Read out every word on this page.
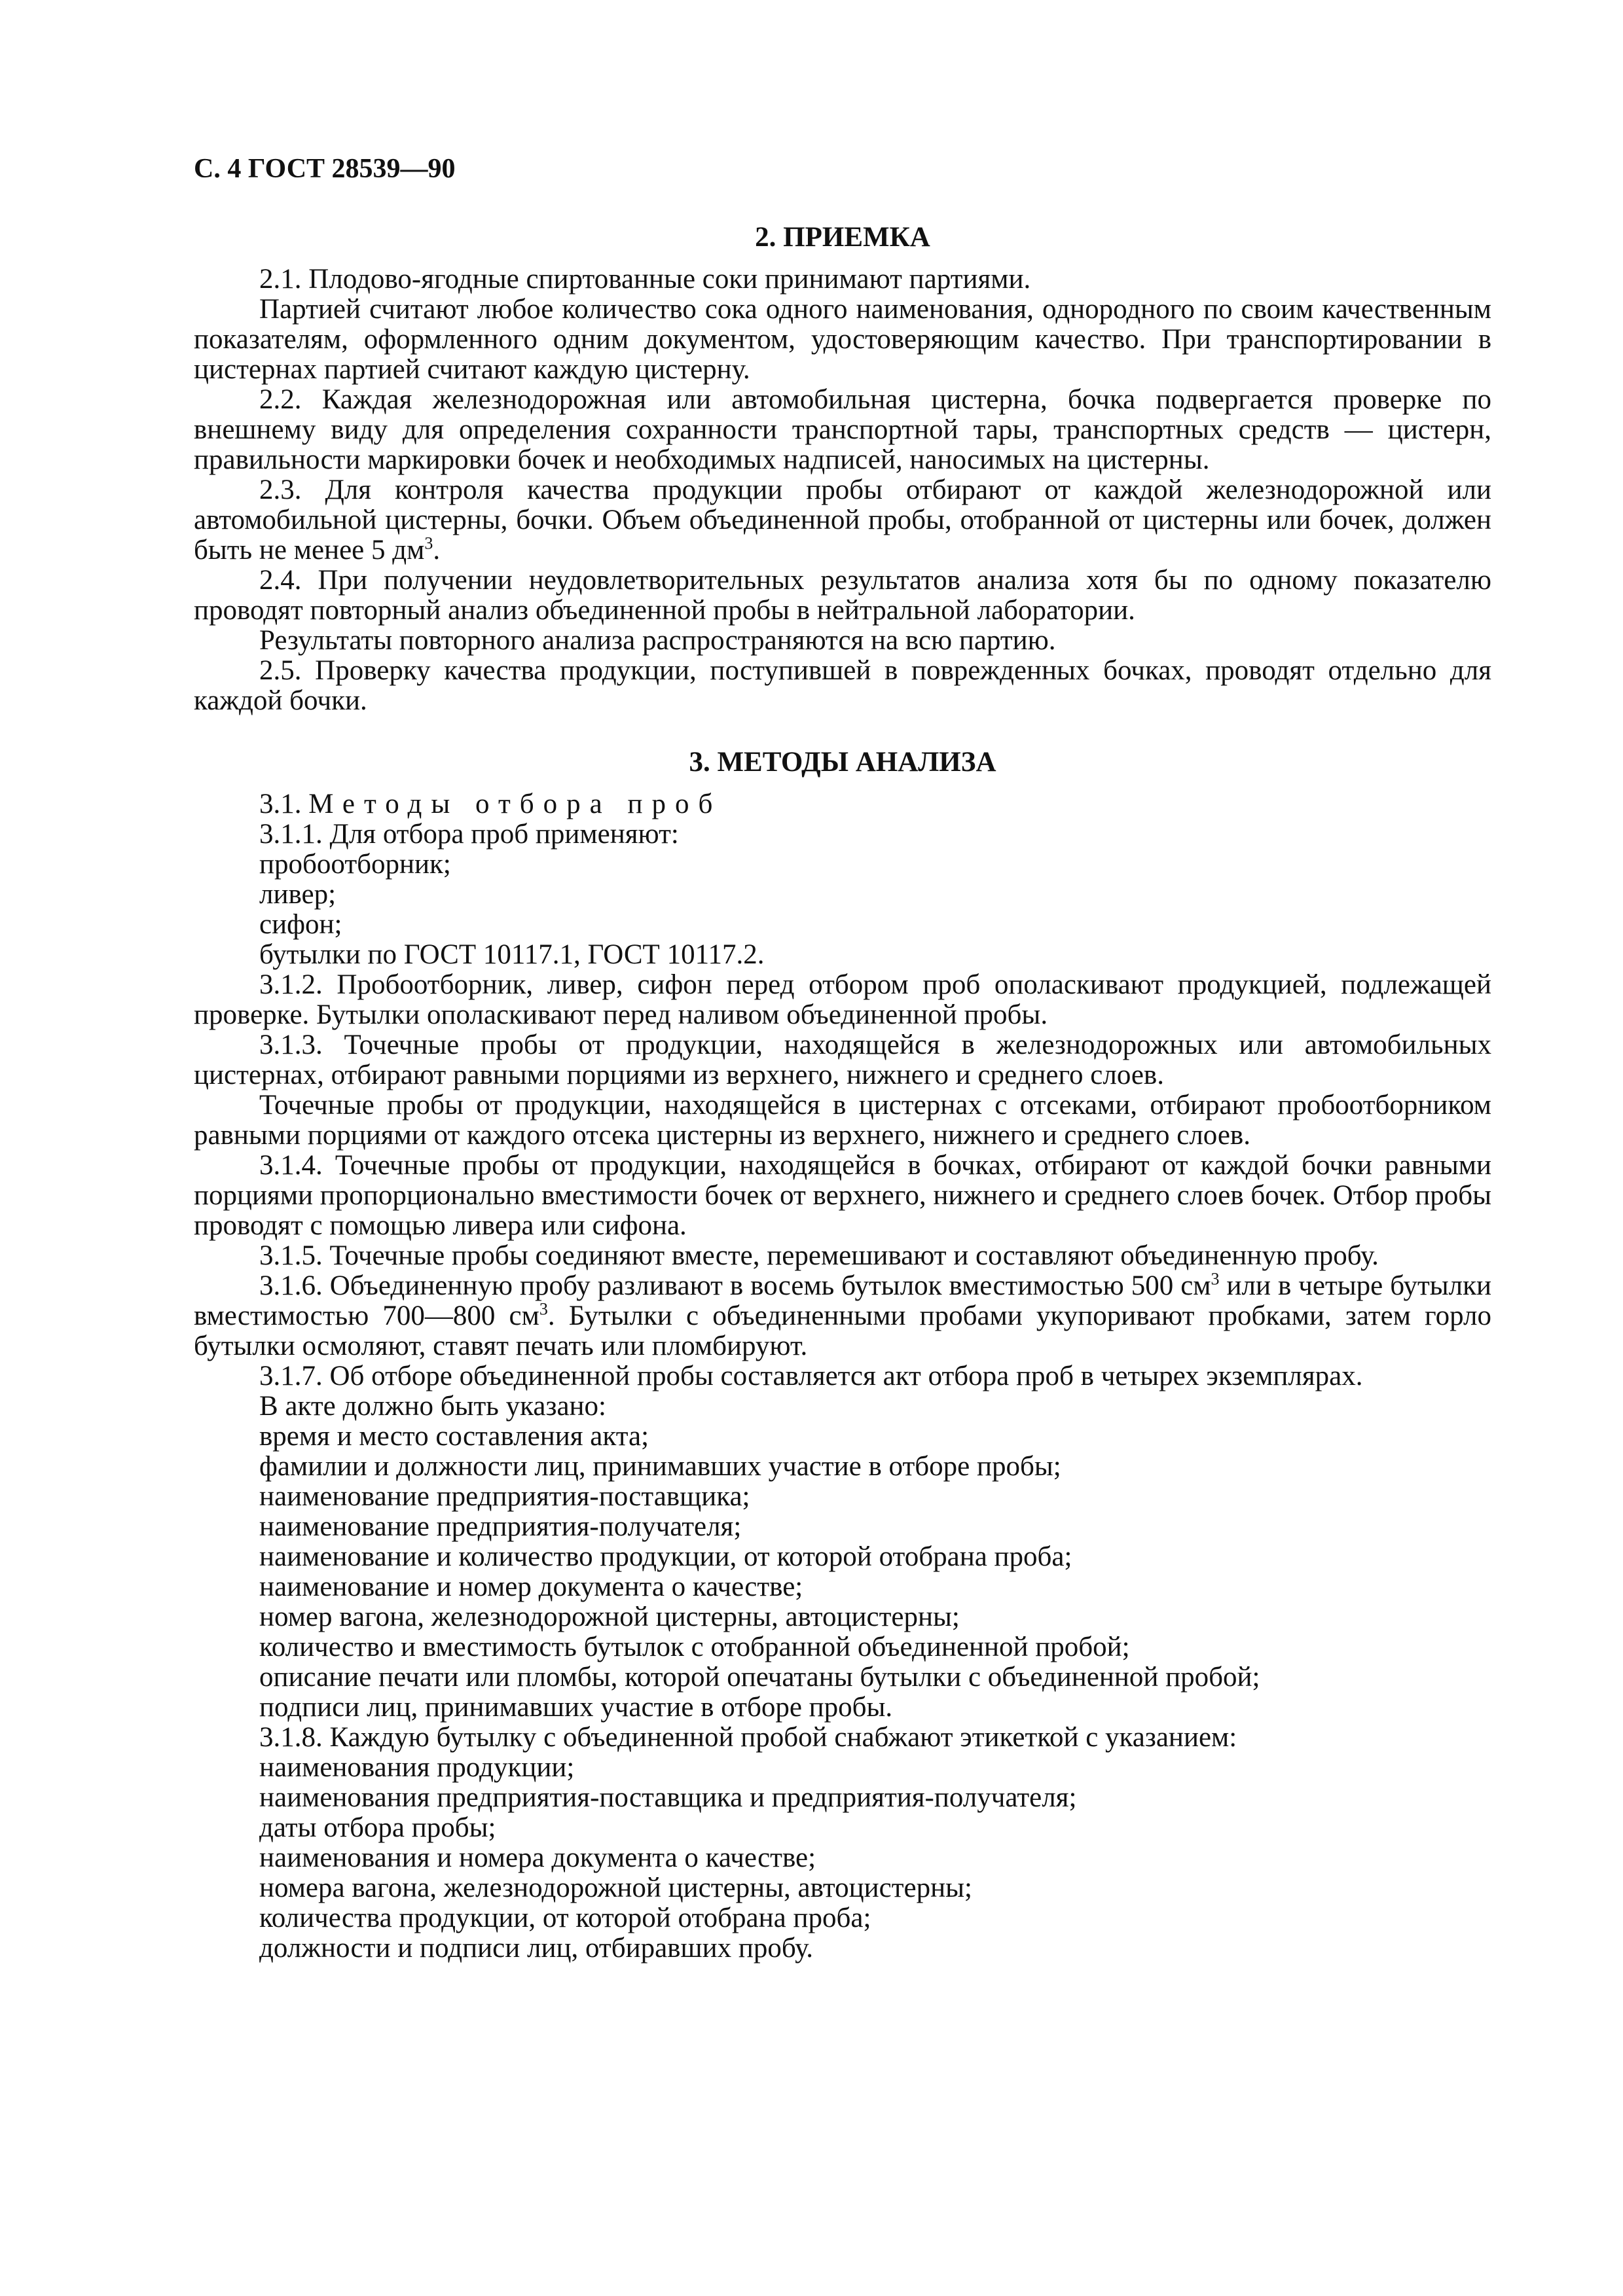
С. 4 ГОСТ 28539—90
2. ПРИЕМКА

2.1. Плодово-ягодные спиртованные соки принимают партиями.

Партией считают любое количество сока одного наименования, однородного по своим качественным показателям, оформленного одним документом, удостоверяющим качество. При транспортировании в цистернах партией считают каждую цистерну.

2.2. Каждая железнодорожная или автомобильная цистерна, бочка подвергается проверке по внешнему виду для определения сохранности транспортной тары, транспортных средств — цистерн, правильности маркировки бочек и необходимых надписей, наносимых на цистерны.

2.3. Для контроля качества продукции пробы отбирают от каждой железнодорожной или автомобильной цистерны, бочки. Объем объединенной пробы, отобранной от цистерны или бочек, должен быть не менее 5 $дм^3$.

2.4. При получении неудовлетворительных результатов анализа хотя бы по одному показателю проводят повторный анализ объединенной пробы в нейтральной лаборатории.

Результаты повторного анализа распространяются на всю партию.

2.5. Проверку качества продукции, поступившей в поврежденных бочках, проводят отдельно для каждой бочки.

3. МЕТОДЫ АНАЛИЗА

3.1. Методы отбора проб

3.1.1. Для отбора проб применяют:

пробоотборник;

ливер;

сифон;

бутылки по ГОСТ 10117.1, ГОСТ 10117.2.

3.1.2. Пробоотборник, ливер, сифон перед отбором проб ополаскивают продукцией, подлежащей проверке. Бутылки ополаскивают перед наливом объединенной пробы.

3.1.3. Точечные пробы от продукции, находящейся в железнодорожных или автомобильных цистернах, отбирают равными порциями из верхнего, нижнего и среднего слоев.

Точечные пробы от продукции, находящейся в цистернах с отсеками, отбирают пробоотборником равными порциями от каждого отсека цистерны из верхнего, нижнего и среднего слоев.

3.1.4. Точечные пробы от продукции, находящейся в бочках, отбирают от каждой бочки равными порциями пропорционально вместимости бочек от верхнего, нижнего и среднего слоев бочек. Отбор пробы проводят с помощью ливера или сифона.

3.1.5. Точечные пробы соединяют вместе, перемешивают и составляют объединенную пробу.

3.1.6. Объединенную пробу разливают в восемь бутылок вместимостью 500 $см^3$ или в четыре бутылки вместимостью 700—800 $см^3$. Бутылки с объединенными пробами укупоривают пробками, затем горло бутылки осмоляют, ставят печать или пломбируют.

3.1.7. Об отборе объединенной пробы составляется акт отбора проб в четырех экземплярах.

В акте должно быть указано:

время и место составления акта;

фамилии и должности лиц, принимавших участие в отборе пробы;

наименование предприятия-поставщика;

наименование предприятия-получателя;

наименование и количество продукции, от которой отобрана проба;

наименование и номер документа о качестве;

номер вагона, железнодорожной цистерны, автоцистерны;

количество и вместимость бутылок с отобранной объединенной пробой;

описание печати или пломбы, которой опечатаны бутылки с объединенной пробой;

подписи лиц, принимавших участие в отборе пробы.

3.1.8. Каждую бутылку с объединенной пробой снабжают этикеткой с указанием:

наименования продукции;

наименования предприятия-поставщика и предприятия-получателя;

даты отбора пробы;

наименования и номера документа о качестве;

номера вагона, железнодорожной цистерны, автоцистерны;

количества продукции, от которой отобрана проба;

должности и подписи лиц, отбиравших пробу.
